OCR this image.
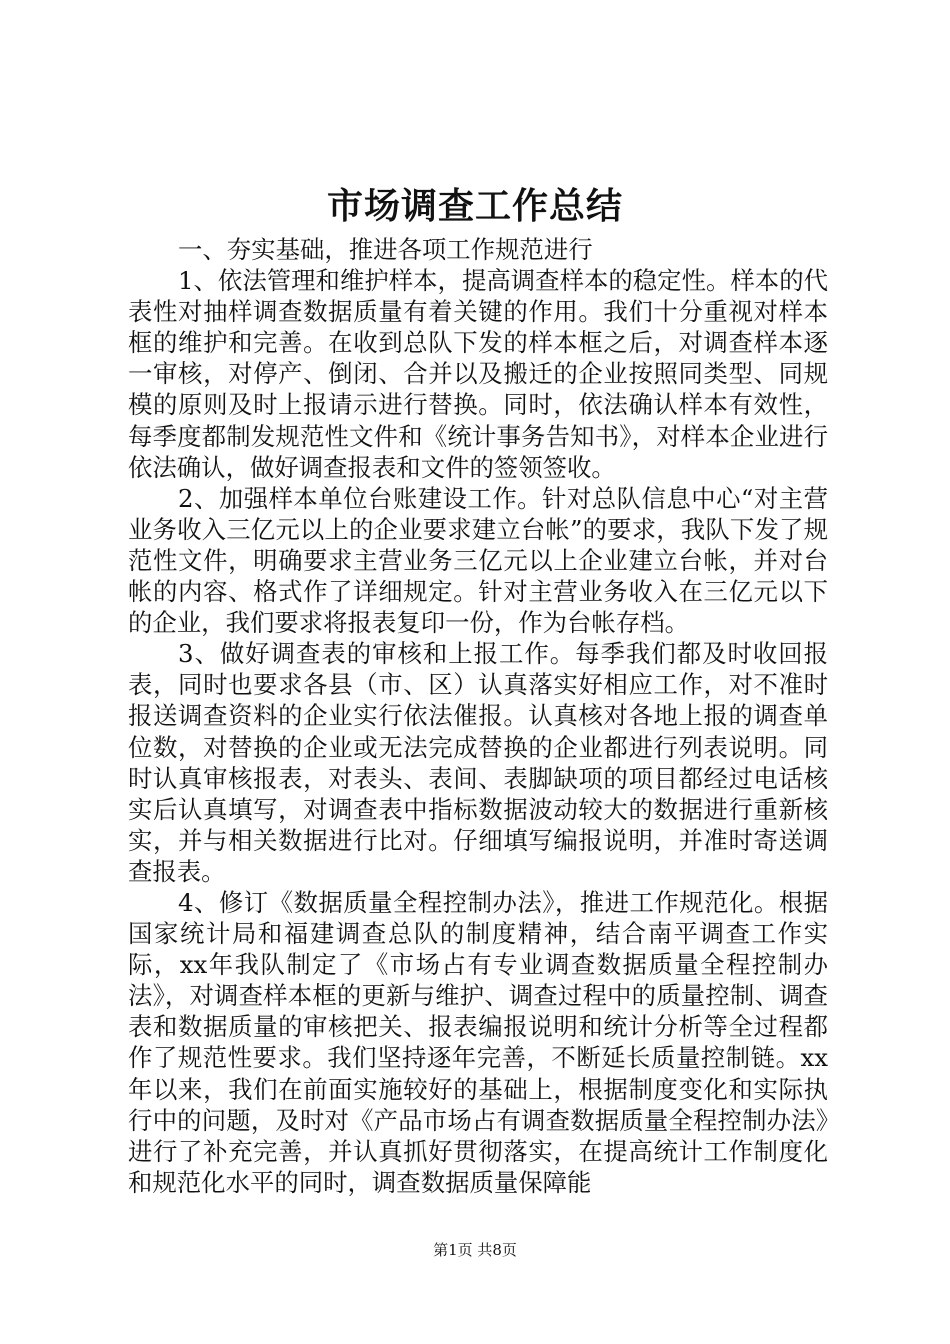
市场调查工作总结

一、夯实基础，推进各项工作规范进行

1、依法管理和维护样本，提高调查样本的稳定性。样本的代表性对抽样调查数据质量有着关键的作用。我们十分重视对样本框的维护和完善。在收到总队下发的样本框之后，对调查样本逐一审核，对停产、倒闭、合并以及搬迁的企业按照同类型、同规模的原则及时上报请示进行替换。同时，依法确认样本有效性，每季度都制发规范性文件和《统计事务告知书》，对样本企业进行依法确认，做好调查报表和文件的签领签收。

2、加强样本单位台账建设工作。针对总队信息中心“对主营业务收入三亿元以上的企业要求建立台帐”的要求，我队下发了规范性文件，明确要求主营业务三亿元以上企业建立台帐，并对台帐的内容、格式作了详细规定。针对主营业务收入在三亿元以下的企业，我们要求将报表复印一份，作为台帐存档。

3、做好调查表的审核和上报工作。每季我们都及时收回报表，同时也要求各县（市、区）认真落实好相应工作，对不准时报送调查资料的企业实行依法催报。认真核对各地上报的调查单位数，对替换的企业或无法完成替换的企业都进行列表说明。同时认真审核报表，对表头、表间、表脚缺项的项目都经过电话核实后认真填写，对调查表中指标数据波动较大的数据进行重新核实，并与相关数据进行比对。仔细填写编报说明，并准时寄送调查报表。

4、修订《数据质量全程控制办法》，推进工作规范化。根据国家统计局和福建调查总队的制度精神，结合南平调查工作实际，xx年我队制定了《市场占有专业调查数据质量全程控制办法》，对调查样本框的更新与维护、调查过程中的质量控制、调查表和数据质量的审核把关、报表编报说明和统计分析等全过程都作了规范性要求。我们坚持逐年完善，不断延长质量控制链。xx年以来，我们在前面实施较好的基础上，根据制度变化和实际执行中的问题，及时对《产品市场占有调查数据质量全程控制办法》进行了补充完善，并认真抓好贯彻落实，在提高统计工作制度化和规范化水平的同时，调查数据质量保障能

第1页 共8页
